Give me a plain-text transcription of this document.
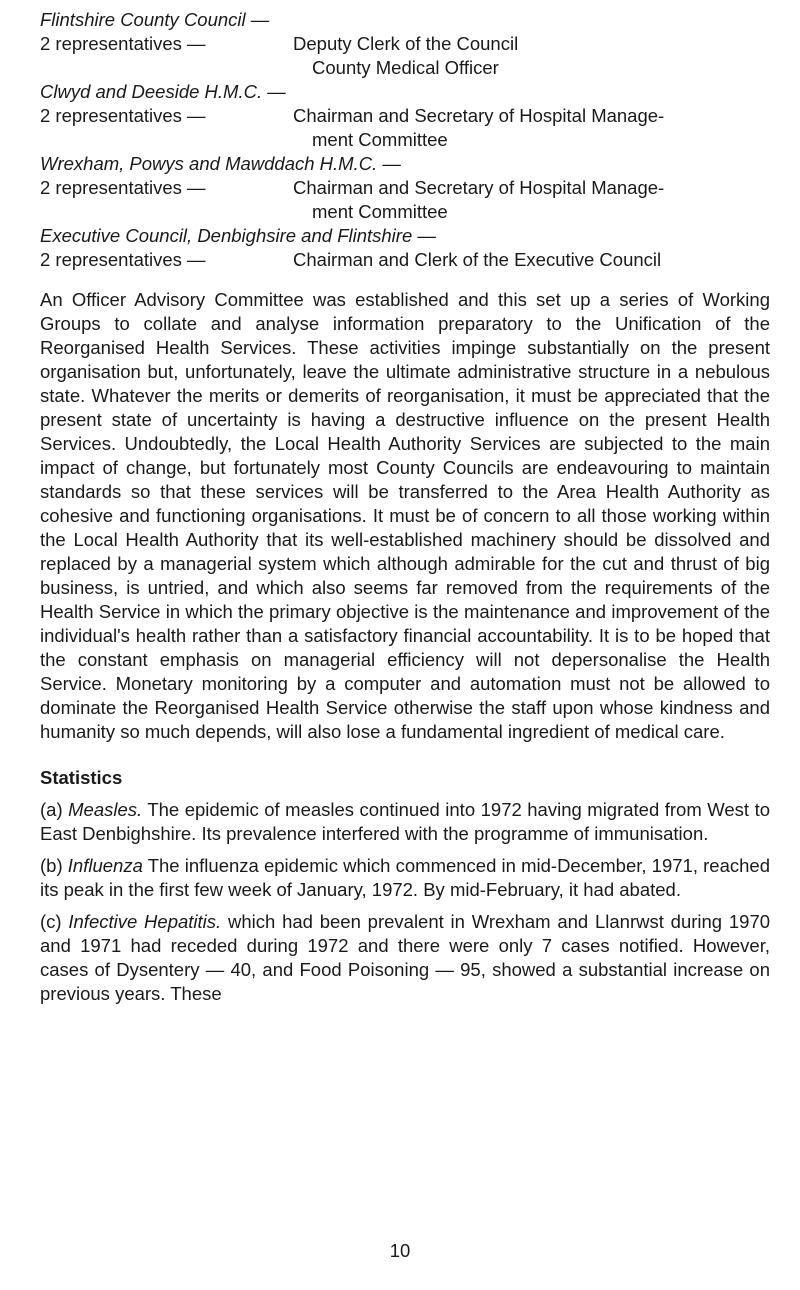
Flintshire County Council —
2 representatives —	Deputy Clerk of the Council
County Medical Officer
Clwyd and Deeside H.M.C. —
2 representatives —	Chairman and Secretary of Hospital Manage-
ment Committee
Wrexham, Powys and Mawddach H.M.C. —
2 representatives —	Chairman and Secretary of Hospital Manage-
ment Committee
Executive Council, Denbighsire and Flintshire —
2 representatives —	Chairman and Clerk of the Executive Council

An Officer Advisory Committee was established and this set up a series of Working Groups to collate and analyse information preparatory to the Unification of the Reorganised Health Services. These activities impinge substantially on the present organisation but, unfortunately, leave the ultimate administrative structure in a nebulous state. Whatever the merits or demerits of reorganisation, it must be appreciated that the present state of uncertainty is having a destructive influence on the present Health Services. Undoubtedly, the Local Health Authority Services are subjected to the main impact of change, but fortunately most County Councils are endeavouring to maintain standards so that these services will be transferred to the Area Health Authority as cohesive and functioning organisations. It must be of concern to all those working within the Local Health Authority that its well-established machinery should be dissolved and replaced by a managerial system which although admirable for the cut and thrust of big business, is untried, and which also seems far removed from the requirements of the Health Service in which the primary objective is the maintenance and improvement of the individual's health rather than a satisfactory financial accountability. It is to be hoped that the constant emphasis on managerial efficiency will not depersonalise the Health Service. Monetary monitoring by a computer and automation must not be allowed to dominate the Reorganised Health Service otherwise the staff upon whose kindness and humanity so much depends, will also lose a fundamental ingredient of medical care.

Statistics
(a) Measles. The epidemic of measles continued into 1972 having migrated from West to East Denbighshire. Its prevalence interfered with the programme of immunisation.
(b) Influenza The influenza epidemic which commenced in mid-December, 1971, reached its peak in the first few week of January, 1972. By mid-February, it had abated.
(c) Infective Hepatitis. which had been prevalent in Wrexham and Llanrwst during 1970 and 1971 had receded during 1972 and there were only 7 cases notified. However, cases of Dysentery — 40, and Food Poisoning — 95, showed a substantial increase on previous years. These
10
